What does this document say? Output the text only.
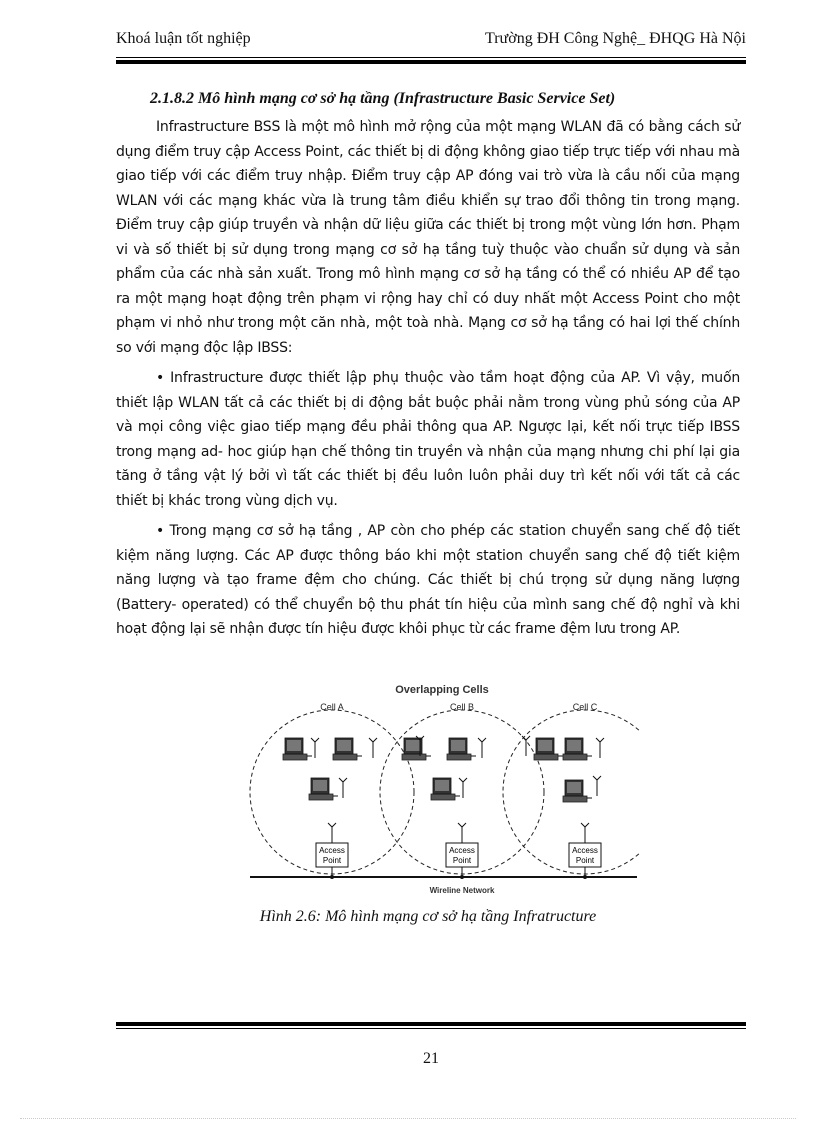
Khoá luận tốt nghiệp	Trường ĐH Công Nghệ_ ĐHQG Hà Nội
2.1.8.2 Mô hình mạng cơ sở hạ tầng (Infrastructure Basic Service Set)

Infrastructure BSS là một mô hình mở rộng của một mạng WLAN đã có bằng cách sử dụng điểm truy cập Access Point, các thiết bị di động không giao tiếp trực tiếp với nhau mà giao tiếp với các điểm truy nhập. Điểm truy cập AP đóng vai trò vừa là cầu nối của mạng WLAN với các mạng khác vừa là trung tâm điều khiển sự trao đổi thông tin trong mạng. Điểm truy cập giúp truyền và nhận dữ liệu giữa các thiết bị trong một vùng lớn hơn. Phạm vi và số thiết bị sử dụng trong mạng cơ sở hạ tầng tuỳ thuộc vào chuẩn sử dụng và sản phẩm của các nhà sản xuất. Trong mô hình mạng cơ sở hạ tầng có thể có nhiều AP để tạo ra một mạng hoạt động trên phạm vi rộng hay chỉ có duy nhất một Access Point cho một phạm vi nhỏ như trong một căn nhà, một toà nhà. Mạng cơ sở hạ tầng có hai lợi thế chính so với mạng độc lập IBSS:

• Infrastructure được thiết lập phụ thuộc vào tầm hoạt động của AP. Vì vậy, muốn thiết lập WLAN tất cả các thiết bị di động bắt buộc phải nằm trong vùng phủ sóng của AP và mọi công việc giao tiếp mạng đều phải thông qua AP. Ngược lại, kết nối trực tiếp IBSS trong mạng ad- hoc giúp hạn chế thông tin truyền và nhận của mạng nhưng chi phí lại gia tăng ở tầng vật lý bởi vì tất các thiết bị đều luôn luôn phải duy trì kết nối với tất cả các thiết bị khác trong vùng dịch vụ.

• Trong mạng cơ sở hạ tầng , AP còn cho phép các station chuyển sang chế độ tiết kiệm năng lượng. Các AP được thông báo khi một station chuyển sang chế độ tiết kiệm năng lượng và tạo frame đệm cho chúng. Các thiết bị chú trọng sử dụng năng lượng (Battery- operated) có thể chuyển bộ thu phát tín hiệu của mình sang chế độ nghỉ và khi hoạt động lại sẽ nhận được tín hiệu được khôi phục từ các frame đệm lưu trong AP.

Overlapping Cells
Cell A	Cell B	Cell C
Access
Point
Access
Point
Access
Point
Wireline Network
Hình 2.6: Mô hình mạng cơ sở hạ tầng Infratructure
21
